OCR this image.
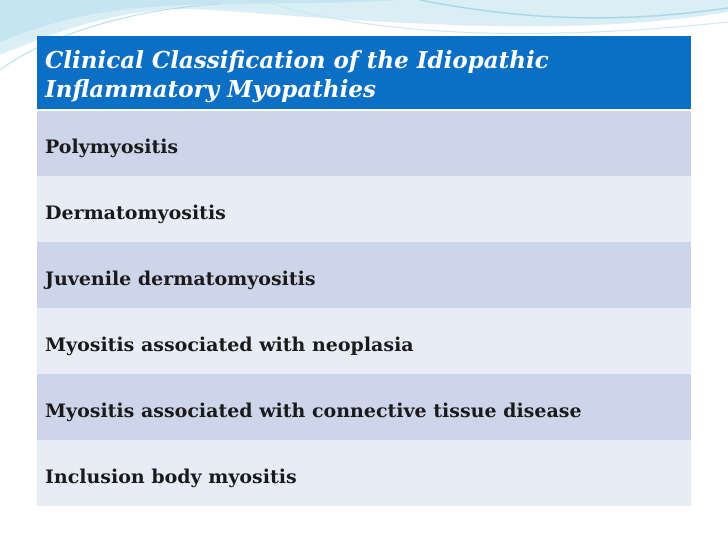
Clinical Classification of the Idiopathic Inflammatory Myopathies
Polymyositis
Dermatomyositis
Juvenile dermatomyositis
Myositis associated with neoplasia
Myositis associated with connective tissue disease
Inclusion body myositis
